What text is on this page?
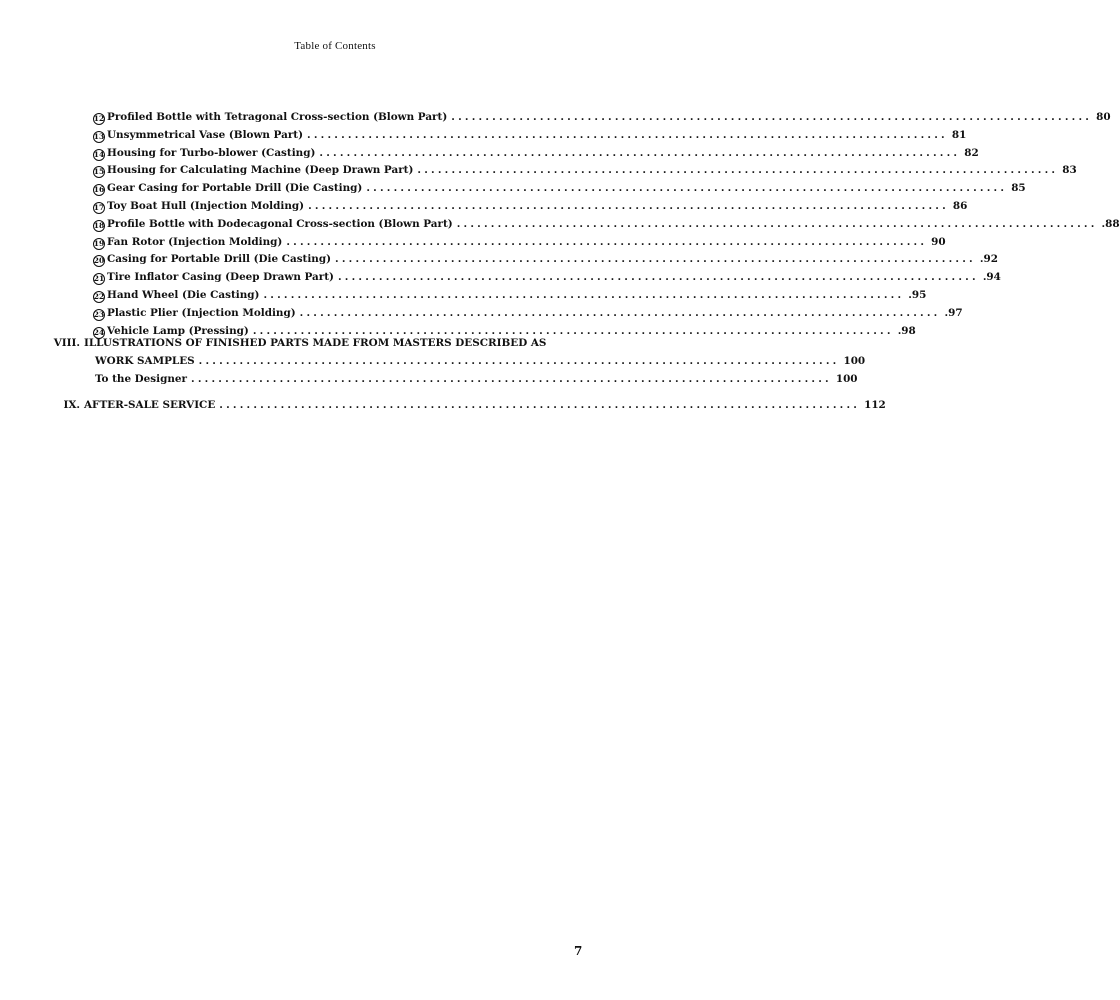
Table of Contents
12 Profiled Bottle with Tetragonal Cross-section (Blown Part) .............................................................................................. 80
13 Unsymmetrical Vase (Blown Part) .............................................................................................. 81
14 Housing for Turbo-blower (Casting) .............................................................................................. 82
15 Housing for Calculating Machine (Deep Drawn Part) .............................................................................................. 83
16 Gear Casing for Portable Drill (Die Casting) .............................................................................................. 85
17 Toy Boat Hull (Injection Molding) .............................................................................................. 86
18 Profile Bottle with Dodecagonal Cross-section (Blown Part) .............................................................................................. .88
19 Fan Rotor (Injection Molding) .............................................................................................. 90
20 Casing for Portable Drill (Die Casting) .............................................................................................. .92
21 Tire Inflator Casing (Deep Drawn Part) .............................................................................................. .94
22 Hand Wheel (Die Casting) .............................................................................................. .95
23 Plastic Plier (Injection Molding) .............................................................................................. .97
24 Vehicle Lamp (Pressing) .............................................................................................. .98
VIII. ILLUSTRATIONS OF FINISHED PARTS MADE FROM MASTERS DESCRIBED AS
WORK SAMPLES .............................................................................................. 100
To the Designer .............................................................................................. 100
IX. AFTER-SALE SERVICE .............................................................................................. 112
7
